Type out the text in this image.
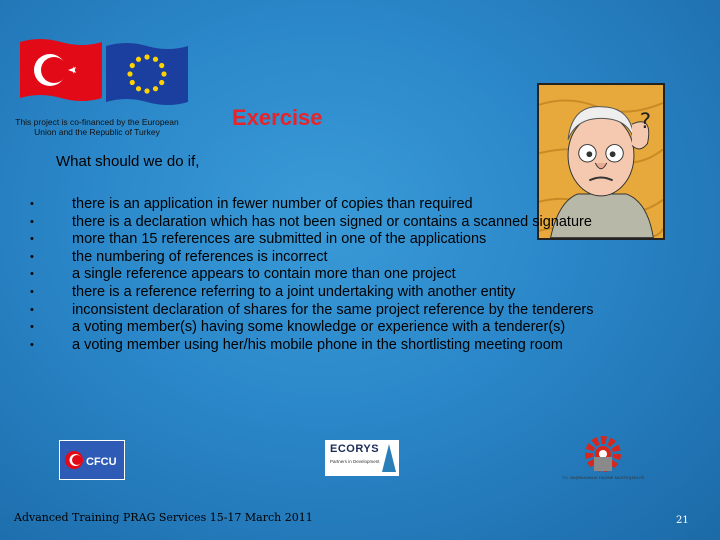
This project is co-financed by the European Union and the Republic of Turkey
Exercise	?
What should we do if,
•	there is an application in fewer number of copies than required
•	there is a declaration which has not been signed or contains a scanned signature
•	more than 15 references are submitted in one of the applications
•	the numbering of references is incorrect
•	a single reference appears to contain more than one project
•	there is a reference referring to a joint undertaking with another entity
•	inconsistent declaration of shares for the same project reference by the tenderers
•	a voting member(s) having some knowledge or experience with a tenderer(s)
•	a voting member using her/his mobile phone in the shortlisting meeting room
CFCU
ECORYS
Partners in Development
T.C. BAŞBAKANLIK HAZİNE MÜSTEŞARLIĞI
Advanced Training PRAG Services 15-17 March 2011	21
